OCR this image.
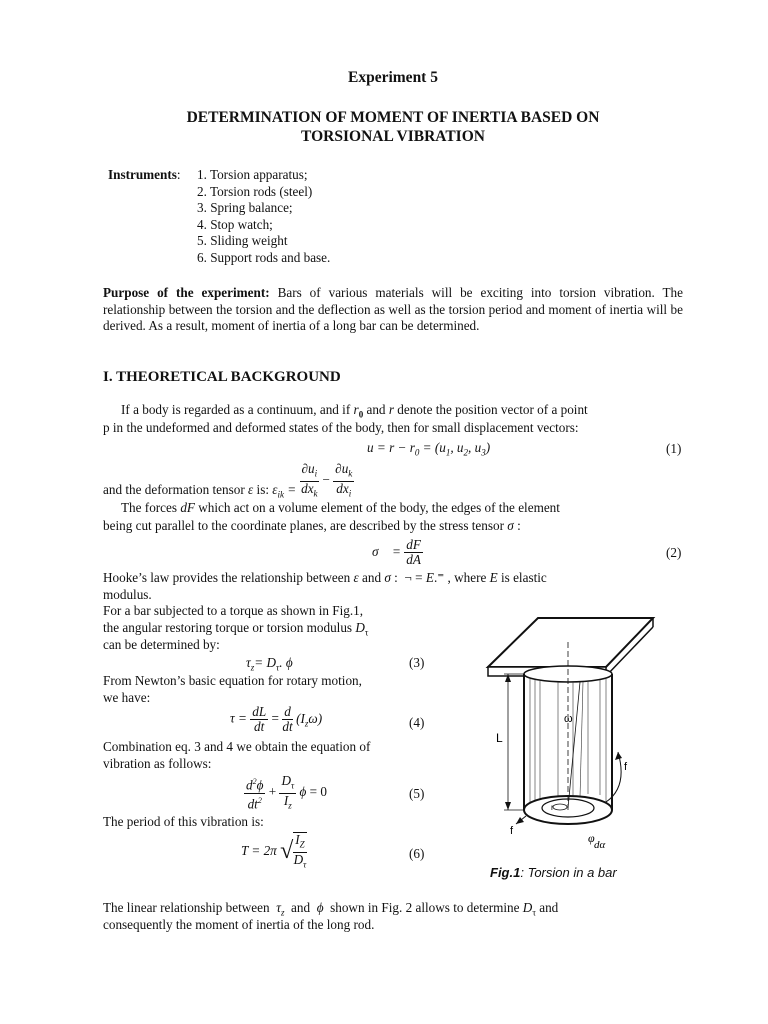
Experiment 5
DETERMINATION OF MOMENT OF INERTIA BASED ON
TORSIONAL VIBRATION
Instruments: 1. Torsion apparatus;
2. Torsion rods (steel)
3. Spring balance;
4. Stop watch;
5. Sliding weight
6. Support rods and base.
Purpose of the experiment: Bars of various materials will be exciting into torsion vibration. The relationship between the torsion and the deflection as well as the torsion period and moment of inertia will be derived. As a result, moment of inertia of a long bar can be determined.
I. THEORETICAL BACKGROUND
If a body is regarded as a continuum, and if $r_0$ and r denote the position vector of a point
p in the undeformed and deformed states of the body, then for small displacement vectors:
$u = r - r_0 = (u_1$, $u_2$, $u_3$)	(1)
and the deformation tensor ε is: $\varepsilon_{ik} = \frac{\partial u_i}{dx_k} - \frac{\partial u_k}{dx_i}$
The forces dF which act on a volume element of the body, the edges of the element
being cut parallel to the coordinate planes, are described by the stress tensor σ :
σ⃗ = $\frac{dF}{dA}$	(2)
Hooke’s law provides the relationship between ε and σ :  ¬ = E.⁼ , where E is elastic
modulus.
For a bar subjected to a torque as shown in Fig.1,
the angular restoring torque or torsion modulus $D_\tau$
can be determined by:
$\tau_z= D_\tau$. ϕ	(3)
From Newton’s basic equation for rotary motion,
we have:
$\tau = \frac{dL}{dt} = \frac{d}{dt} (I_z\omega)$	(4)
Combination eq. 3 and 4 we obtain the equation of
vibration as follows:
$\frac{d^2\phi}{dt^2} + \frac{D_\tau}{I_z}$ ϕ = 0	(5)
The period of this vibration is:
T = 2π √ $\frac{I_Z}{D_\tau}$	(6)
L
ω
f
f	φ dα
r
Fig.1: Torsion in a bar
The linear relationship between $\tau_z$ and ϕ shown in Fig. 2 allows to determine $D_\tau$ and
consequently the moment of inertia of the long rod.
